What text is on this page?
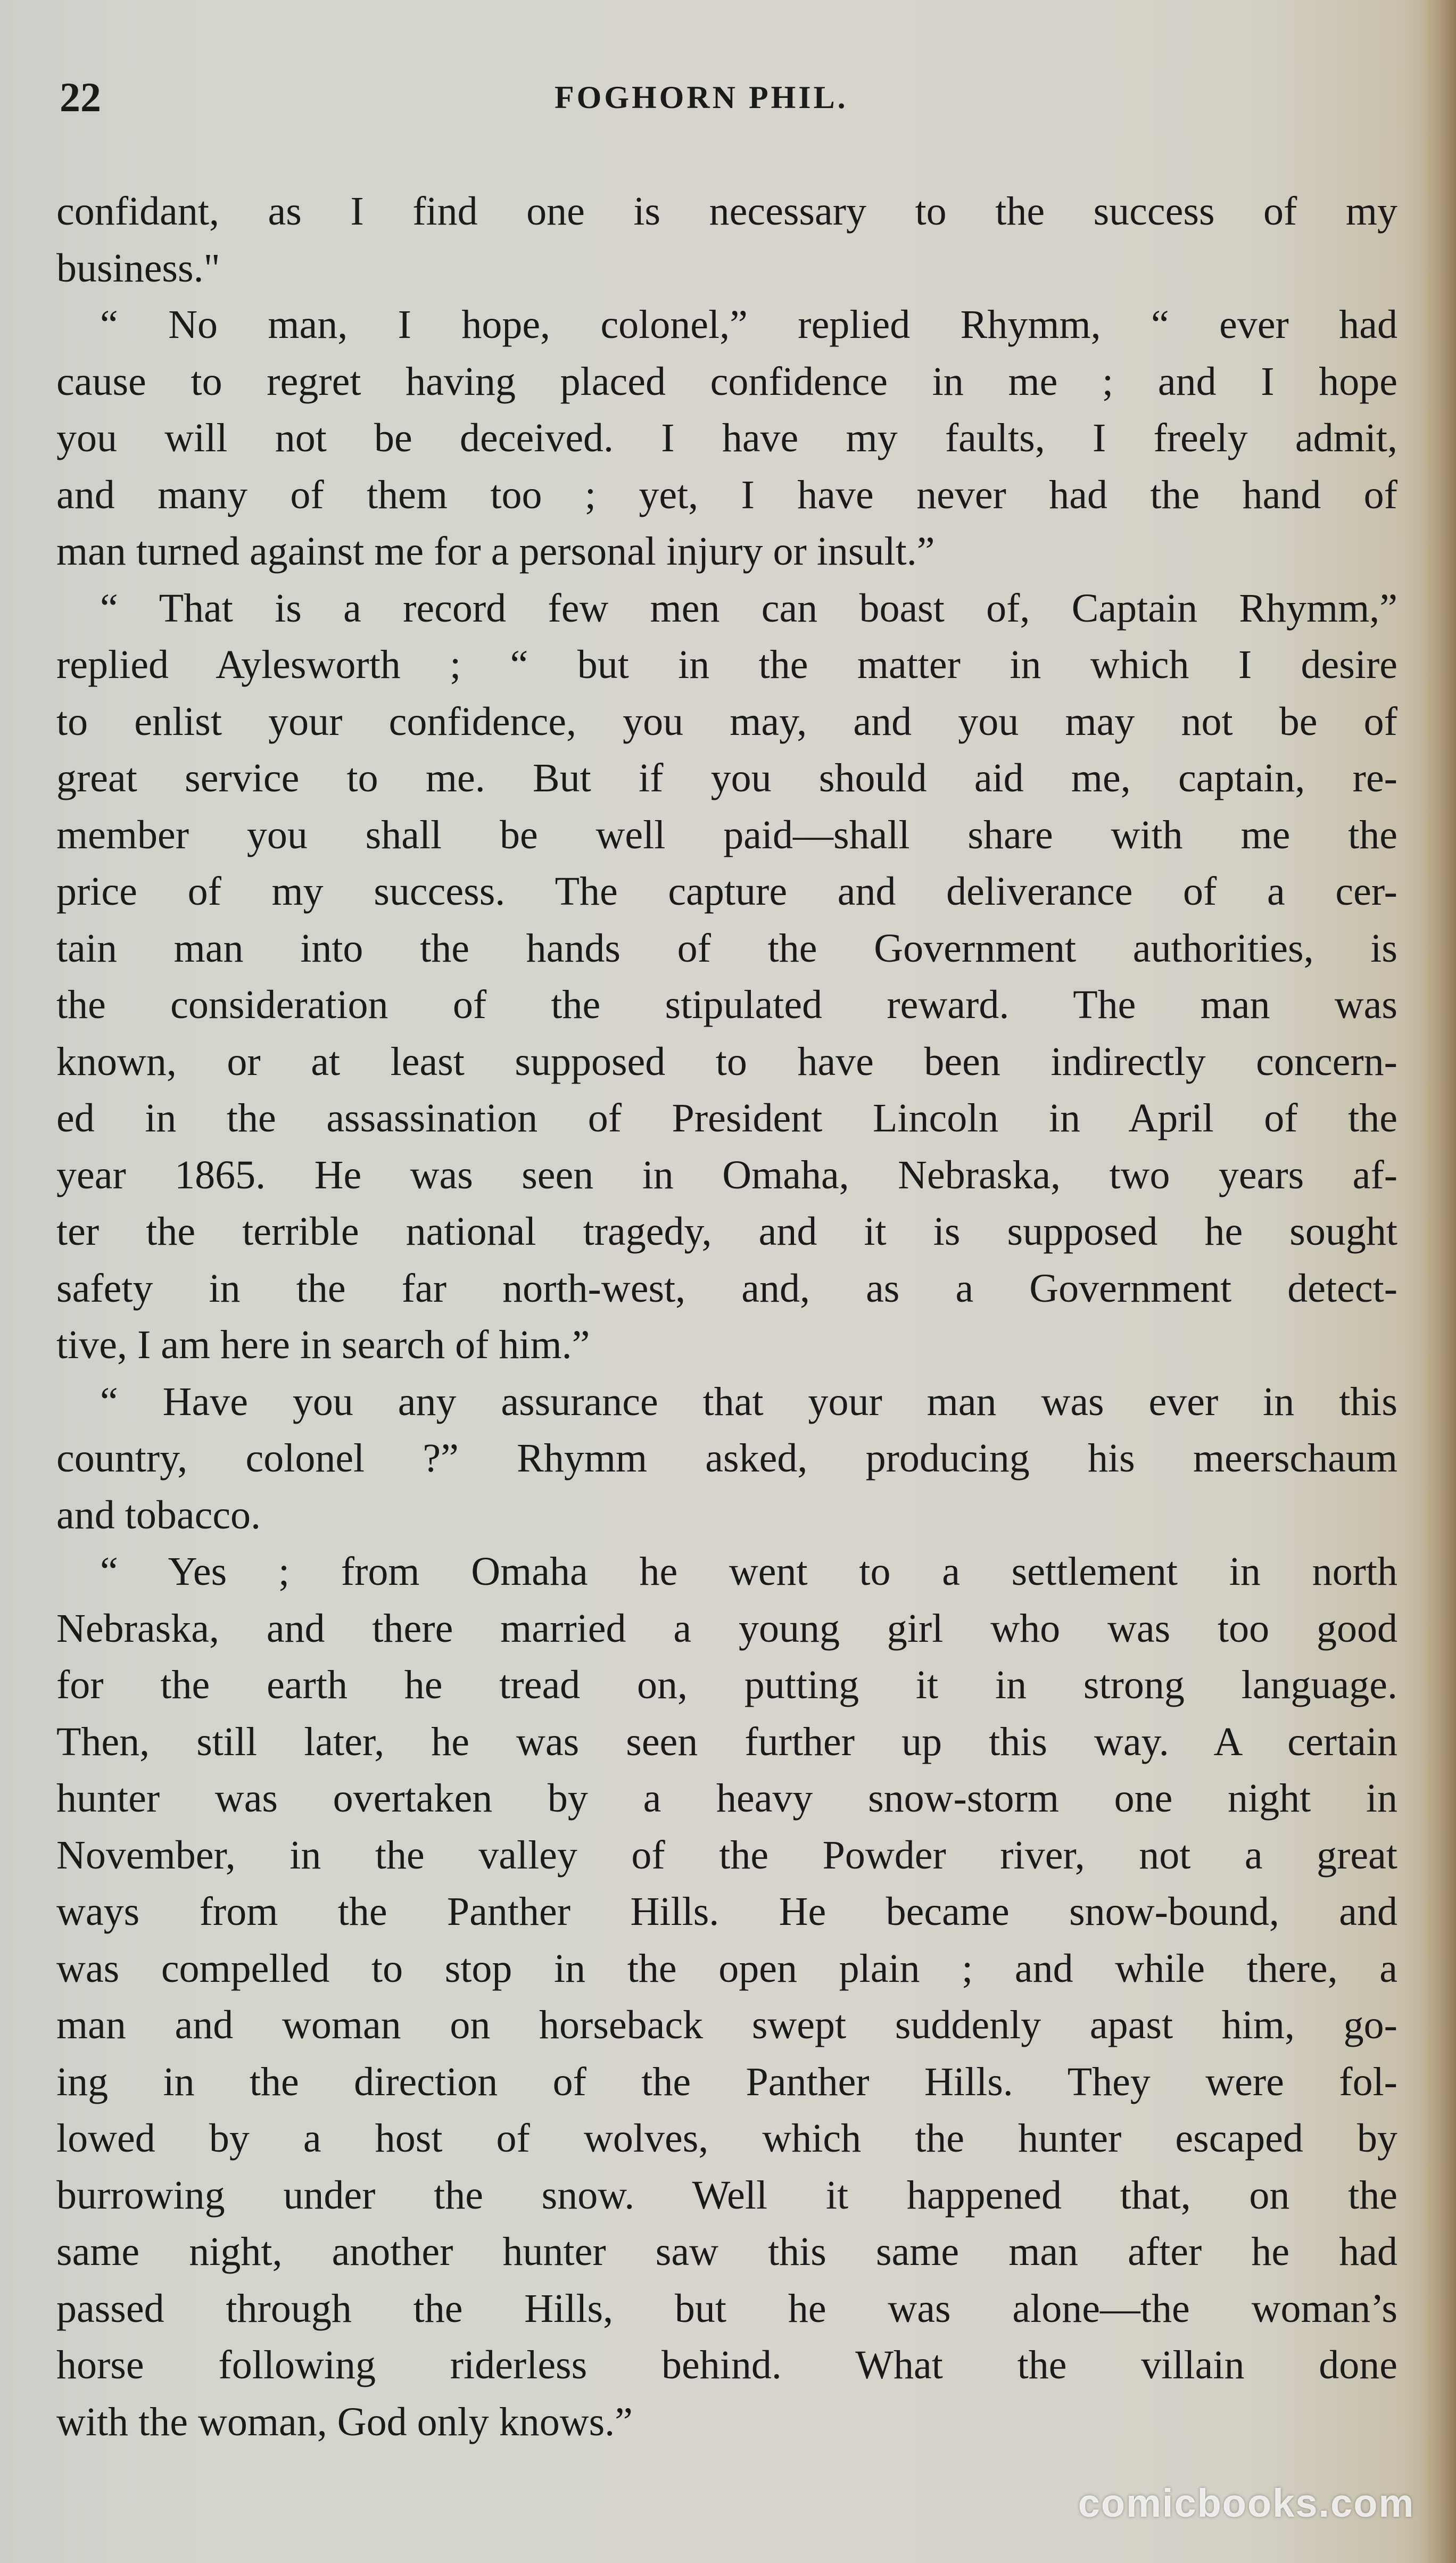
22	FOGHORN PHIL.
confidant, as I find one is necessary to the success of my
business."
“ No man, I hope, colonel,” replied Rhymm, “ ever had
cause to regret having placed confidence in me ; and I hope
you will not be deceived. I have my faults, I freely admit,
and many of them too ; yet, I have never had the hand of
man turned against me for a personal injury or insult.”
“ That is a record few men can boast of, Captain Rhymm,”
replied Aylesworth ; “ but in the matter in which I desire
to enlist your confidence, you may, and you may not be of
great service to me. But if you should aid me, captain, re-
member you shall be well paid—shall share with me the
price of my success. The capture and deliverance of a cer-
tain man into the hands of the Government authorities, is
the consideration of the stipulated reward. The man was
known, or at least supposed to have been indirectly concern-
ed in the assassination of President Lincoln in April of the
year 1865. He was seen in Omaha, Nebraska, two years af-
ter the terrible national tragedy, and it is supposed he sought
safety in the far north-west, and, as a Government detect-
tive, I am here in search of him.”
“ Have you any assurance that your man was ever in this
country, colonel ?” Rhymm asked, producing his meerschaum
and tobacco.
“ Yes ; from Omaha he went to a settlement in north
Nebraska, and there married a young girl who was too good
for the earth he tread on, putting it in strong language.
Then, still later, he was seen further up this way. A certain
hunter was overtaken by a heavy snow-storm one night in
November, in the valley of the Powder river, not a great
ways from the Panther Hills. He became snow-bound, and
was compelled to stop in the open plain ; and while there, a
man and woman on horseback swept suddenly apast him, go-
ing in the direction of the Panther Hills. They were fol-
lowed by a host of wolves, which the hunter escaped by
burrowing under the snow. Well it happened that, on the
same night, another hunter saw this same man after he had
passed through the Hills, but he was alone—the woman’s
horse following riderless behind. What the villain done
with the woman, God only knows.”
comicbooks.com
